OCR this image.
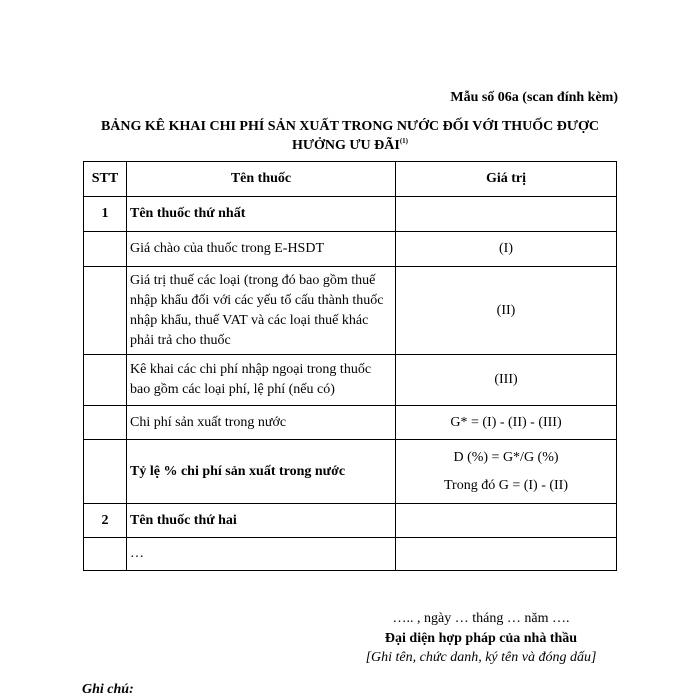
Mẫu số 06a (scan đính kèm)
BẢNG KÊ KHAI CHI PHÍ SẢN XUẤT TRONG NƯỚC ĐỐI VỚI THUỐC ĐƯỢC
HƯỞNG ƯU ĐÃI$^{(1)}$
STT	Tên thuốc	Giá trị
1	Tên thuốc thứ nhất	
	Giá chào của thuốc trong E-HSDT	(I)
	Giá trị thuế các loại (trong đó bao gồm thuế nhập khẩu đối với các yếu tố cấu thành thuốc nhập khẩu, thuế VAT và các loại thuế khác phải trả cho thuốc	(II)
	Kê khai các chi phí nhập ngoại trong thuốc bao gồm các loại phí, lệ phí (nếu có)	(III)
	Chi phí sản xuất trong nước	G* = (I) - (II) - (III)
	Tỷ lệ % chi phí sản xuất trong nước	D (%) = G*/G (%)
Trong đó G = (I) - (II)

2	Tên thuốc thứ hai	
	…	
….. , ngày … tháng … năm ….
Đại diện hợp pháp của nhà thầu
[Ghi tên, chức danh, ký tên và đóng dấu]
Ghi chú:
